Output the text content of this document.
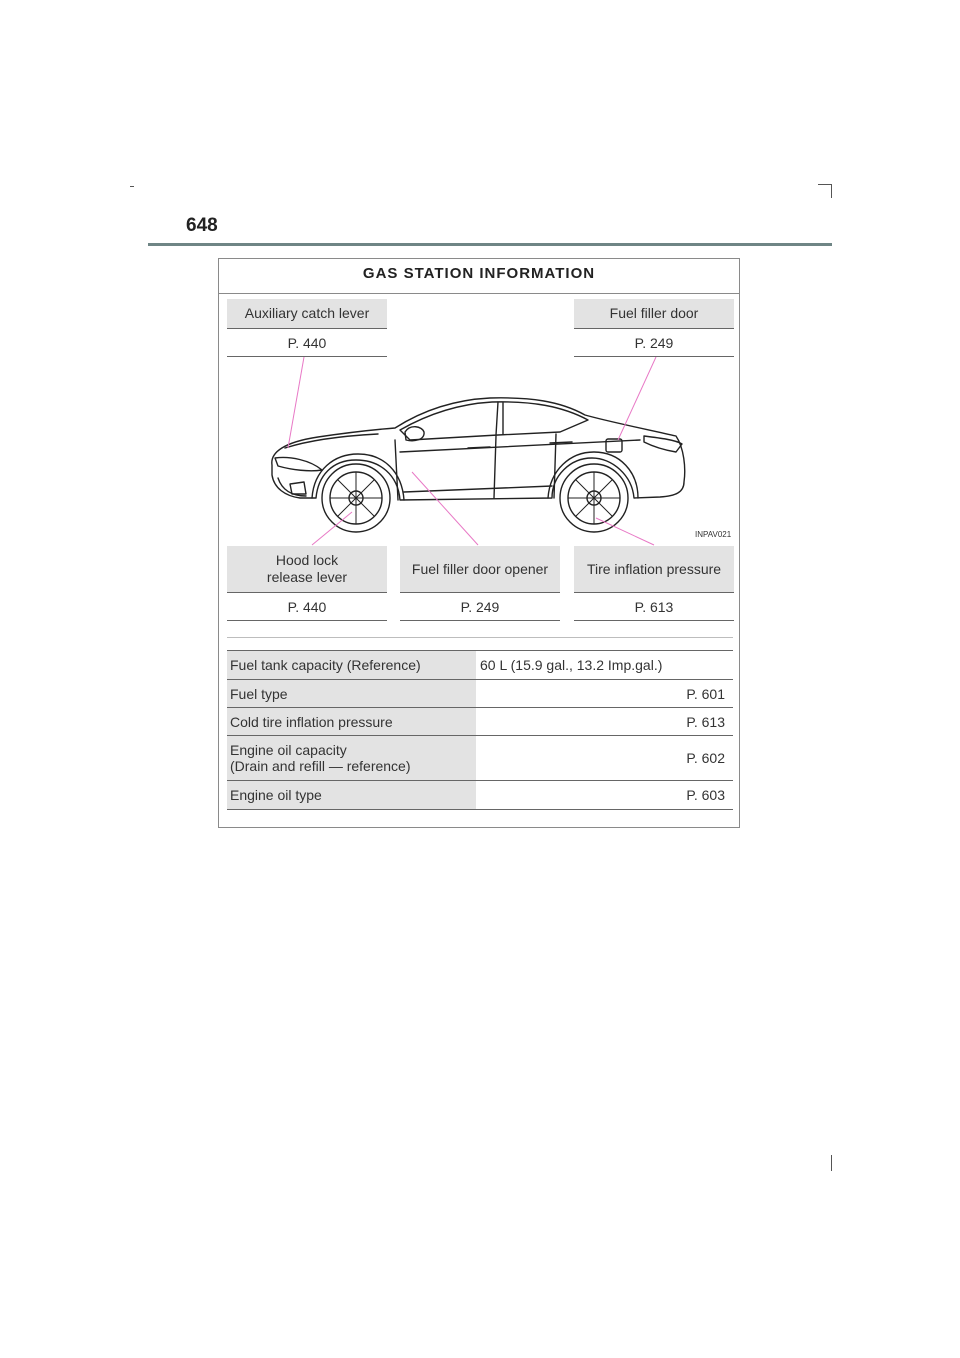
648
GAS STATION INFORMATION
INPAV021
Auxiliary catch lever
P. 440
Fuel filler door
P. 249
Hood lock release lever
P. 440
Fuel filler door opener
P. 249
Tire inflation pressure
P. 613
Fuel tank capacity (Reference)	60 L (15.9 gal., 13.2 Imp.gal.)
Fuel type	P. 601
Cold tire inflation pressure	P. 613

Engine oil capacity
(Drain and refill — reference)	P. 602
Engine oil type	P. 603
